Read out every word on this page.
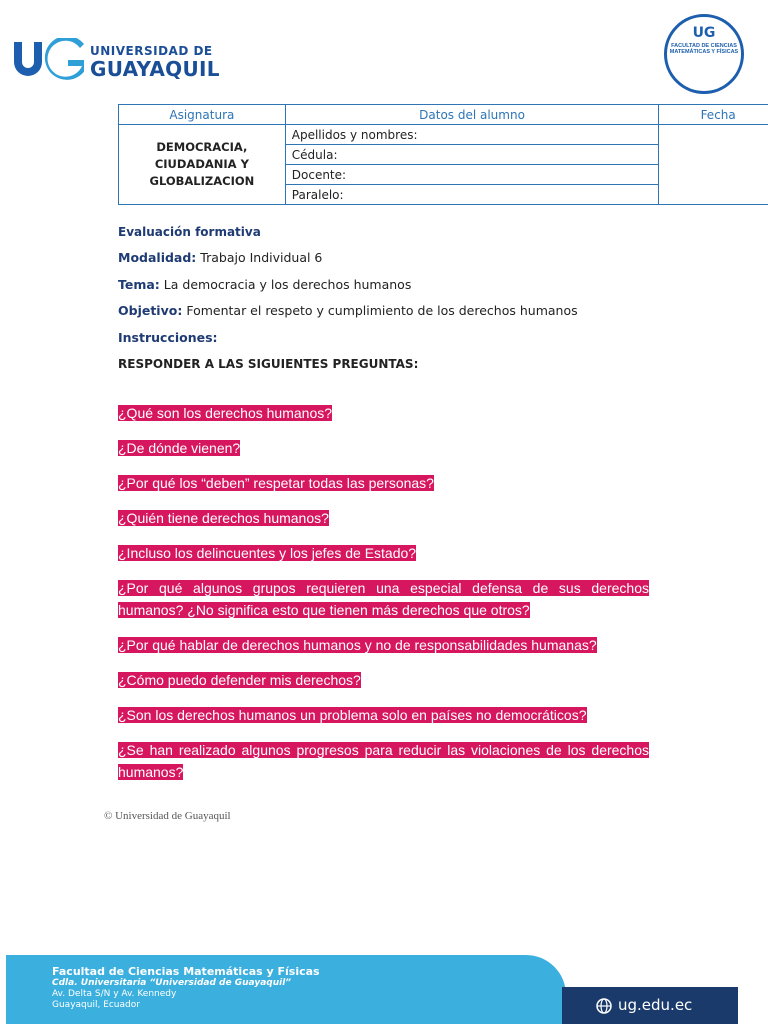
UNIVERSIDAD DE
GUAYAQUIL
UG
FACULTAD DE CIENCIAS MATEMÁTICAS Y FÍSICAS
Asignatura	Datos del alumno	Fecha

DEMOCRACIA,
CIUDADANIA Y
GLOBALIZACION	Apellidos y nombres:	
	Cédula:	
	Docente:	
	Paralelo:	
Evaluación formativa
Modalidad: Trabajo Individual 6
Tema: La democracia y los derechos humanos
Objetivo: Fomentar el respeto y cumplimiento de los derechos humanos
Instrucciones:
RESPONDER A LAS SIGUIENTES PREGUNTAS:

¿Qué son los derechos humanos?

¿De dónde vienen?

¿Por qué los “deben” respetar todas las personas?

¿Quién tiene derechos humanos?

¿Incluso los delincuentes y los jefes de Estado?

¿Por qué algunos grupos requieren una especial defensa de sus derechos humanos? ¿No significa esto que tienen más derechos que otros?

¿Por qué hablar de derechos humanos y no de responsabilidades humanas?

¿Cómo puedo defender mis derechos?

¿Son los derechos humanos un problema solo en países no democráticos?

¿Se han realizado algunos progresos para reducir las violaciones de los derechos humanos?

© Universidad de Guayaquil
Facultad de Ciencias Matemáticas y Físicas
Cdla. Universitaria “Universidad de Guayaquil”
Av. Delta S/N y Av. Kennedy
Guayaquil, Ecuador	ug.edu.ec
